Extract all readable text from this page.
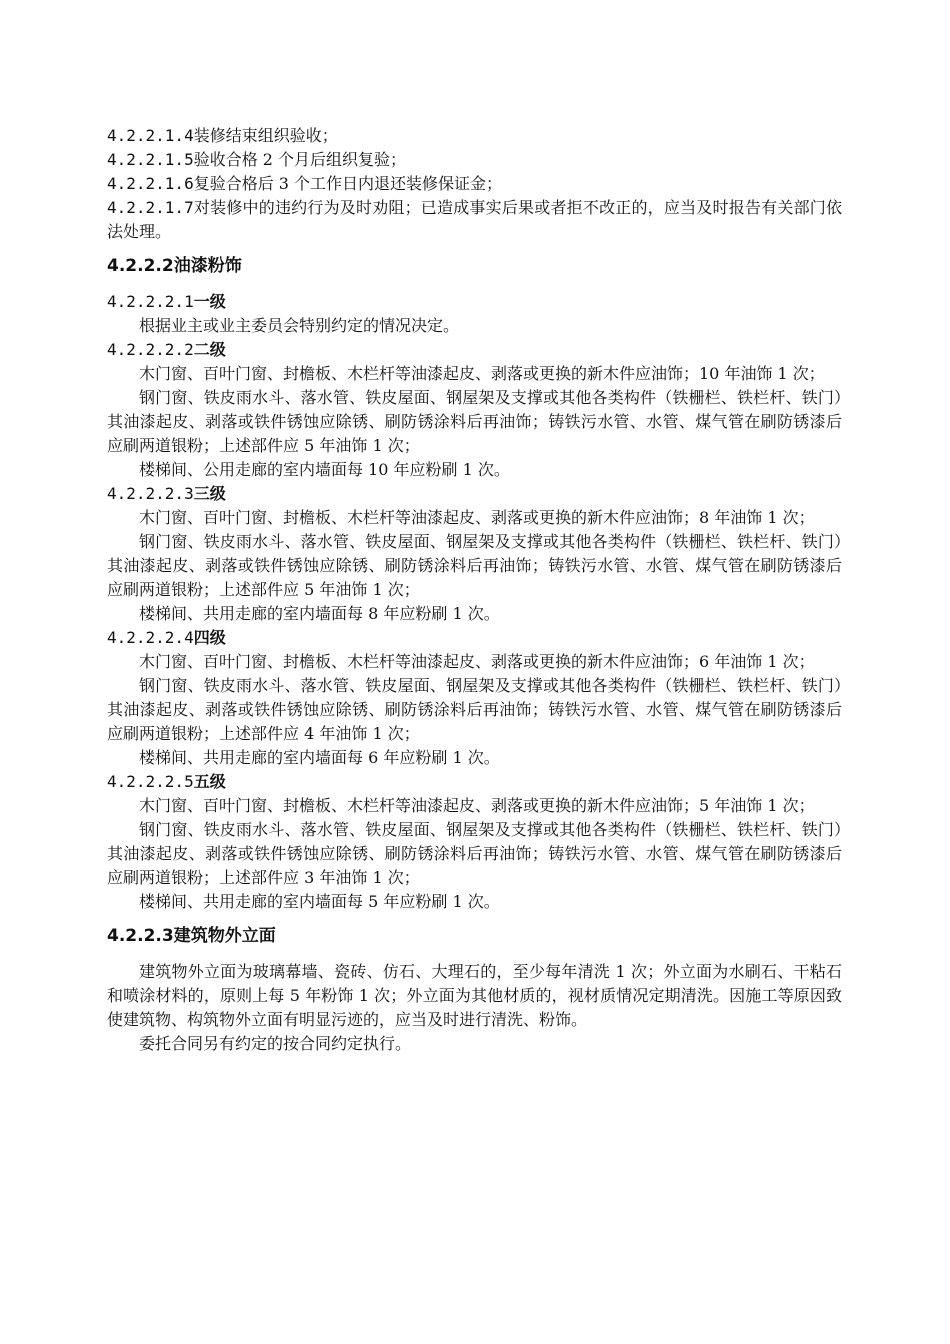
4.2.2.1.4装修结束组织验收；

4.2.2.1.5验收合格 2 个月后组织复验；

4.2.2.1.6复验合格后 3 个工作日内退还装修保证金；

4.2.2.1.7对装修中的违约行为及时劝阻；已造成事实后果或者拒不改正的，应当及时报告有关部门依法处理。

4.2.2.2油漆粉饰

4.2.2.2.1一级

根据业主或业主委员会特别约定的情况决定。

4.2.2.2.2二级

木门窗、百叶门窗、封檐板、木栏杆等油漆起皮、剥落或更换的新木件应油饰；10 年油饰 1 次；

钢门窗、铁皮雨水斗、落水管、铁皮屋面、钢屋架及支撑或其他各类构件（铁栅栏、铁栏杆、铁门）其油漆起皮、剥落或铁件锈蚀应除锈、刷防锈涂料后再油饰；铸铁污水管、水管、煤气管在刷防锈漆后应刷两道银粉；上述部件应 5 年油饰 1 次；

楼梯间、公用走廊的室内墙面每 10 年应粉刷 1 次。

4.2.2.2.3三级

木门窗、百叶门窗、封檐板、木栏杆等油漆起皮、剥落或更换的新木件应油饰；8 年油饰 1 次；

钢门窗、铁皮雨水斗、落水管、铁皮屋面、钢屋架及支撑或其他各类构件（铁栅栏、铁栏杆、铁门）其油漆起皮、剥落或铁件锈蚀应除锈、刷防锈涂料后再油饰；铸铁污水管、水管、煤气管在刷防锈漆后应刷两道银粉；上述部件应 5 年油饰 1 次；

楼梯间、共用走廊的室内墙面每 8 年应粉刷 1 次。

4.2.2.2.4四级

木门窗、百叶门窗、封檐板、木栏杆等油漆起皮、剥落或更换的新木件应油饰；6 年油饰 1 次；

钢门窗、铁皮雨水斗、落水管、铁皮屋面、钢屋架及支撑或其他各类构件（铁栅栏、铁栏杆、铁门）其油漆起皮、剥落或铁件锈蚀应除锈、刷防锈涂料后再油饰；铸铁污水管、水管、煤气管在刷防锈漆后应刷两道银粉；上述部件应 4 年油饰 1 次；

楼梯间、共用走廊的室内墙面每 6 年应粉刷 1 次。

4.2.2.2.5五级

木门窗、百叶门窗、封檐板、木栏杆等油漆起皮、剥落或更换的新木件应油饰；5 年油饰 1 次；

钢门窗、铁皮雨水斗、落水管、铁皮屋面、钢屋架及支撑或其他各类构件（铁栅栏、铁栏杆、铁门）其油漆起皮、剥落或铁件锈蚀应除锈、刷防锈涂料后再油饰；铸铁污水管、水管、煤气管在刷防锈漆后应刷两道银粉；上述部件应 3 年油饰 1 次；

楼梯间、共用走廊的室内墙面每 5 年应粉刷 1 次。

4.2.2.3建筑物外立面

建筑物外立面为玻璃幕墙、瓷砖、仿石、大理石的，至少每年清洗 1 次；外立面为水刷石、干粘石和喷涂材料的，原则上每 5 年粉饰 1 次；外立面为其他材质的，视材质情况定期清洗。因施工等原因致使建筑物、构筑物外立面有明显污迹的，应当及时进行清洗、粉饰。

委托合同另有约定的按合同约定执行。
